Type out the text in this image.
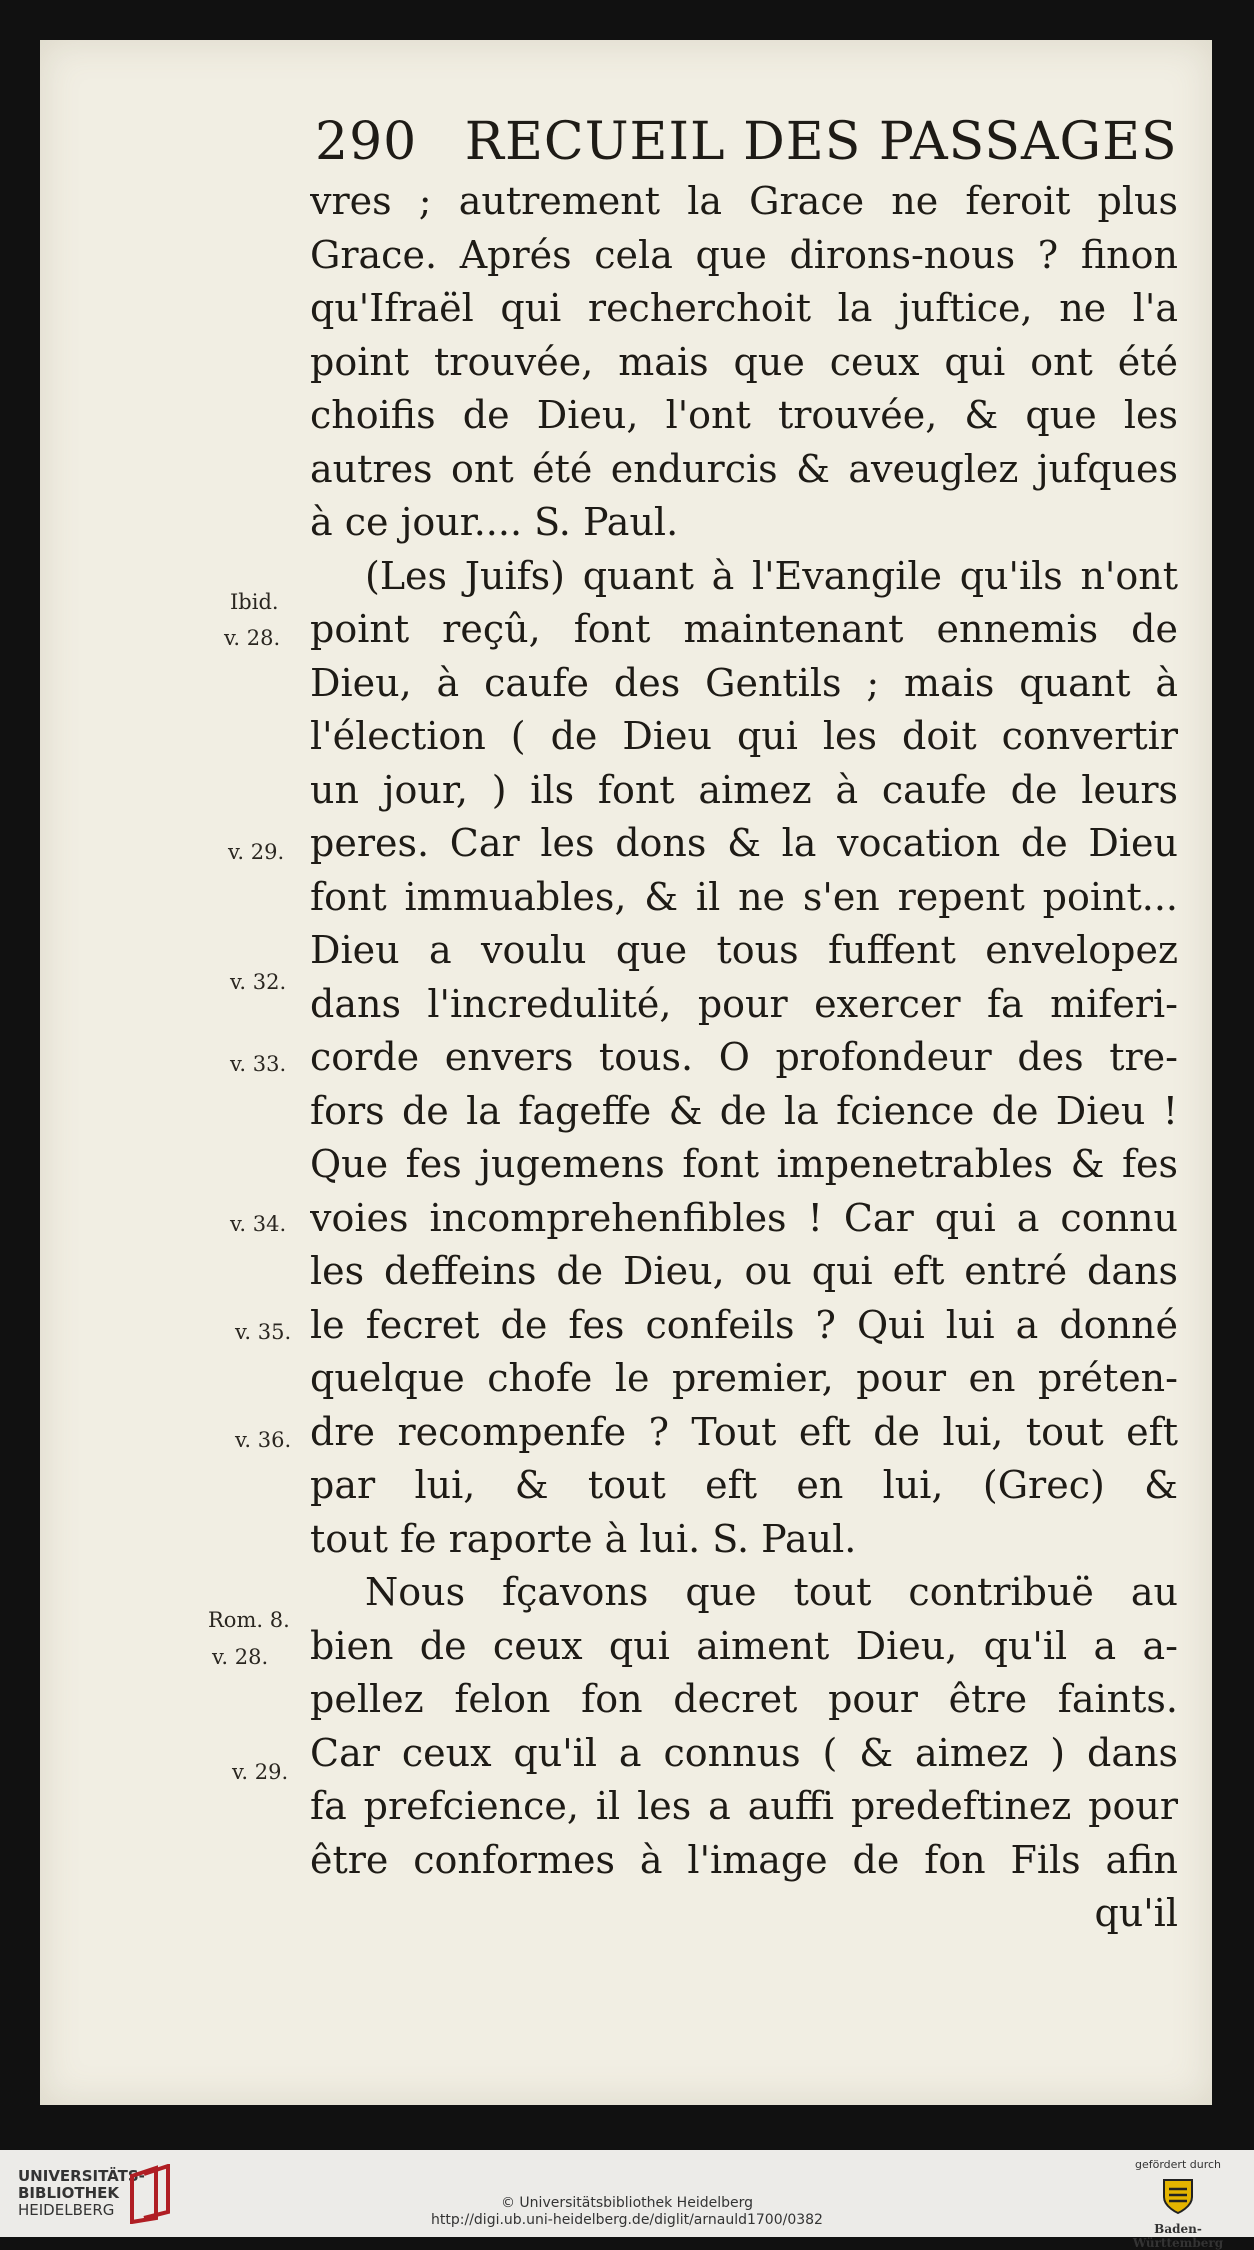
290 RECUEIL DES PASSAGES
vres ; autrement la Grace ne feroit plus
Grace. Aprés cela que dirons-nous ? finon
qu'Ifraël qui recherchoit la juftice, ne l'a
point trouvée, mais que ceux qui ont été
choifis de Dieu, l'ont trouvée, & que les
autres ont été endurcis & aveuglez jufques
à ce jour.... S. Paul.
(Les Juifs) quant à l'Evangile qu'ils n'ont
point reçû, font maintenant ennemis de
Dieu, à caufe des Gentils ; mais quant à
l'élection ( de Dieu qui les doit convertir
un jour, ) ils font aimez à caufe de leurs
peres. Car les dons & la vocation de Dieu
font immuables, & il ne s'en repent point...
Dieu a voulu que tous fuffent envelopez
dans l'incredulité, pour exercer fa miferi-
corde envers tous. O profondeur des tre-
fors de la fageffe & de la fcience de Dieu !
Que fes jugemens font impenetrables & fes
voies incomprehenfibles ! Car qui a connu
les deffeins de Dieu, ou qui eft entré dans
le fecret de fes confeils ? Qui lui a donné
quelque chofe le premier, pour en préten-
dre recompenfe ? Tout eft de lui, tout eft
par lui, & tout eft en lui, (Grec) &
tout fe raporte à lui. S. Paul.
Nous fçavons que tout contribuë au
bien de ceux qui aiment Dieu, qu'il a a-
pellez felon fon decret pour être faints.
Car ceux qu'il a connus ( & aimez ) dans
fa prefcience, il les a auffi predeftinez pour
être conformes à l'image de fon Fils afin
qu'il
Ibid.
v. 28.
v. 29.
v. 32.
v. 33.
v. 34.
v. 35.
v. 36.
Rom. 8.
v. 28.
v. 29.
UNIVERSITÄTS-
BIBLIOTHEK
HEIDELBERG	© Universitätsbibliothek Heidelberg
http://digi.ub.uni-heidelberg.de/diglit/arnauld1700/0382
gefördert durch
Baden-Württemberg
